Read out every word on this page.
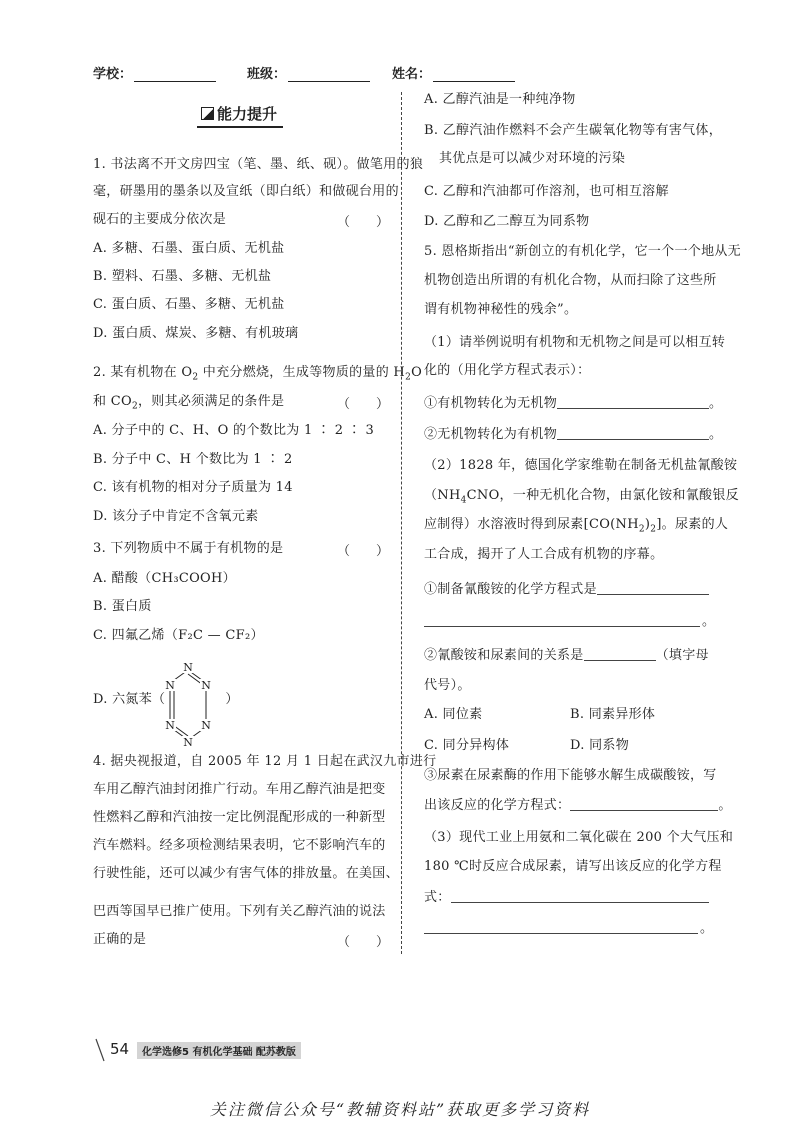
学校：	班级：	姓名：
能力提升
1. 书法离不开文房四宝（笔、墨、纸、砚）。做笔用的狼
毫，研墨用的墨条以及宣纸（即白纸）和做砚台用的
砚石的主要成分依次是	（　　）
A. 多糖、石墨、蛋白质、无机盐
B. 塑料、石墨、多糖、无机盐
C. 蛋白质、石墨、多糖、无机盐
D. 蛋白质、煤炭、多糖、有机玻璃
2. 某有机物在 $O_2$ 中充分燃烧，生成等物质的量的 $H_2O$
和 $CO_2$，则其必须满足的条件是	（　　）
A. 分子中的 C、H、O 的个数比为 1 ∶ 2 ∶ 3
B. 分子中 C、H 个数比为 1 ∶ 2
C. 该有机物的相对分子质量为 14
D. 该分子中肯定不含氧元素
3. 下列物质中不属于有机物的是	（　　）
A. 醋酸（CH₃COOH）
B. 蛋白质
C. 四氟乙烯（F₂C — CF₂）
D. 六氮苯（	）
N
N N
N N
N
4. 据央视报道，自 2005 年 12 月 1 日起在武汉九市进行
车用乙醇汽油封闭推广行动。车用乙醇汽油是把变
性燃料乙醇和汽油按一定比例混配形成的一种新型
汽车燃料。经多项检测结果表明，它不影响汽车的
行驶性能，还可以减少有害气体的排放量。在美国、
巴西等国早已推广使用。下列有关乙醇汽油的说法
正确的是	（　　）
A. 乙醇汽油是一种纯净物
B. 乙醇汽油作燃料不会产生碳氧化物等有害气体，
其优点是可以减少对环境的污染
C. 乙醇和汽油都可作溶剂，也可相互溶解
D. 乙醇和乙二醇互为同系物
5. 恩格斯指出“新创立的有机化学，它一个一个地从无
机物创造出所谓的有机化合物，从而扫除了这些所
谓有机物神秘性的残余”。
（1）请举例说明有机物和无机物之间是可以相互转
化的（用化学方程式表示）：
①有机物转化为无机物	。
②无机物转化为有机物	。
（2）1828 年，德国化学家维勒在制备无机盐氰酸铵
（$NH_4CNO$，一种无机化合物，由氯化铵和氰酸银反
应制得）水溶液时得到尿素$[CO(NH_2)_2]$。尿素的人
工合成，揭开了人工合成有机物的序幕。
①制备氰酸铵的化学方程式是
。
②氰酸铵和尿素间的关系是	（填字母
代号）。
A. 同位素	B. 同素异形体
C. 同分异构体	D. 同系物
③尿素在尿素酶的作用下能够水解生成碳酸铵，写
出该反应的化学方程式：	。
（3）现代工业上用氨和二氧化碳在 200 个大气压和
180 ℃时反应合成尿素，请写出该反应的化学方程
式：
。
54	化学选修5 有机化学基础 配苏教版
关注微信公众号“教辅资料站”获取更多学习资料
